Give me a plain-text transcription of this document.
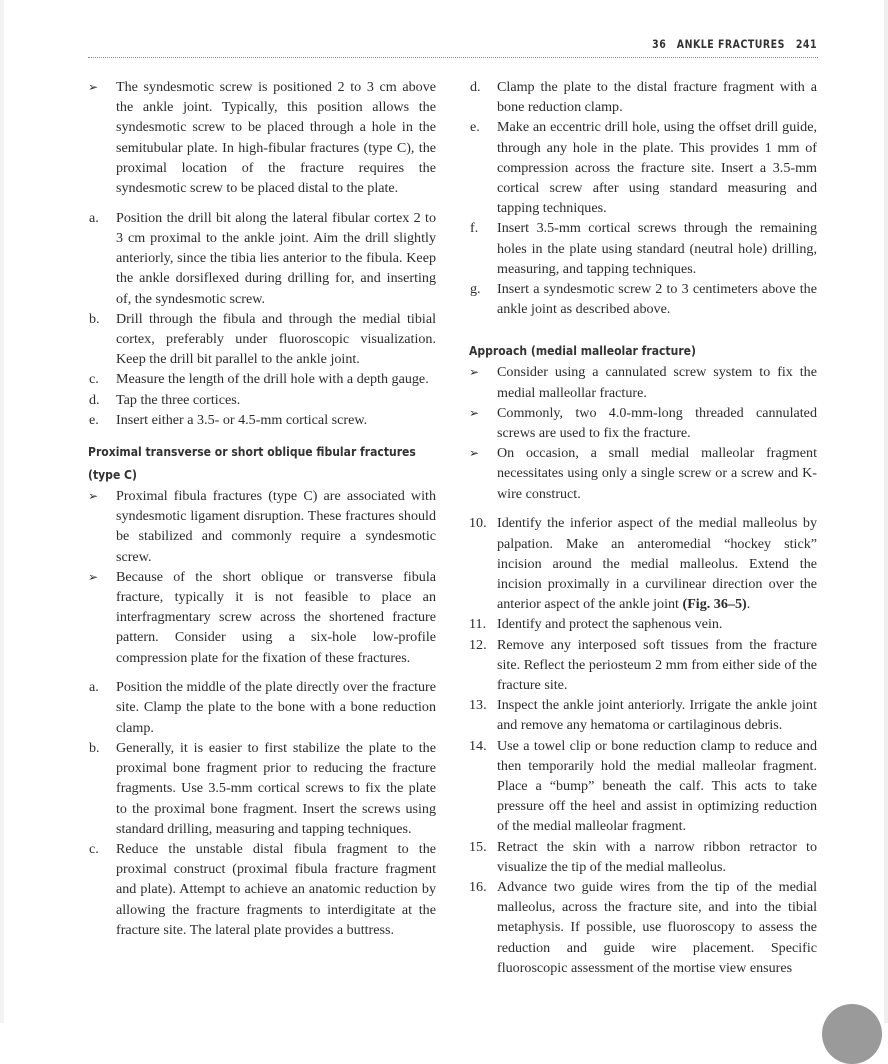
36 ANKLE FRACTURES 241
➢ The syndesmotic screw is positioned 2 to 3 cm above the ankle joint. Typically, this position allows the syndesmotic screw to be placed through a hole in the semitubular plate. In high-fibular fractures (type C), the proximal location of the fracture requires the syndesmotic screw to be placed distal to the plate.
a. Position the drill bit along the lateral fibular cortex 2 to 3 cm proximal to the ankle joint. Aim the drill slightly anteriorly, since the tibia lies anterior to the fibula. Keep the ankle dorsiflexed during drilling for, and inserting of, the syndesmotic screw.
b. Drill through the fibula and through the medial tibial cortex, preferably under fluoroscopic visualization. Keep the drill bit parallel to the ankle joint.
c. Measure the length of the drill hole with a depth gauge.
d. Tap the three cortices.
e. Insert either a 3.5- or 4.5-mm cortical screw.
Proximal transverse or short oblique fibular fractures
(type C)
➢ Proximal fibula fractures (type C) are associated with syndesmotic ligament disruption. These fractures should be stabilized and commonly require a syndesmotic screw.
➢ Because of the short oblique or transverse fibula fracture, typically it is not feasible to place an interfragmentary screw across the shortened fracture pattern. Consider using a six-hole low-profile compression plate for the fixation of these fractures.
a. Position the middle of the plate directly over the fracture site. Clamp the plate to the bone with a bone reduction clamp.
b. Generally, it is easier to first stabilize the plate to the proximal bone fragment prior to reducing the fracture fragments. Use 3.5-mm cortical screws to fix the plate to the proximal bone fragment. Insert the screws using standard drilling, measuring and tapping techniques.
c. Reduce the unstable distal fibula fragment to the proximal construct (proximal fibula fracture fragment and plate). Attempt to achieve an anatomic reduction by allowing the fracture fragments to interdigitate at the fracture site. The lateral plate provides a buttress.
d. Clamp the plate to the distal fracture fragment with a bone reduction clamp.
e. Make an eccentric drill hole, using the offset drill guide, through any hole in the plate. This provides 1 mm of compression across the fracture site. Insert a 3.5-mm cortical screw after using standard measuring and tapping techniques.
f. Insert 3.5-mm cortical screws through the remaining holes in the plate using standard (neutral hole) drilling, measuring, and tapping techniques.
g. Insert a syndesmotic screw 2 to 3 centimeters above the ankle joint as described above.
Approach (medial malleolar fracture)
➢ Consider using a cannulated screw system to fix the medial malleollar fracture.
➢ Commonly, two 4.0-mm-long threaded cannulated screws are used to fix the fracture.
➢ On occasion, a small medial malleolar fragment necessitates using only a single screw or a screw and K-wire construct.
10. Identify the inferior aspect of the medial malleolus by palpation. Make an anteromedial “hockey stick” incision around the medial malleolus. Extend the incision proximally in a curvilinear direction over the anterior aspect of the ankle joint (Fig. 36–5).
11. Identify and protect the saphenous vein.
12. Remove any interposed soft tissues from the fracture site. Reflect the periosteum 2 mm from either side of the fracture site.
13. Inspect the ankle joint anteriorly. Irrigate the ankle joint and remove any hematoma or cartilaginous debris.
14. Use a towel clip or bone reduction clamp to reduce and then temporarily hold the medial malleolar fragment. Place a “bump” beneath the calf. This acts to take pressure off the heel and assist in optimizing reduction of the medial malleolar fragment.
15. Retract the skin with a narrow ribbon retractor to visualize the tip of the medial malleolus.
16. Advance two guide wires from the tip of the medial malleolus, across the fracture site, and into the tibial metaphysis. If possible, use fluoroscopy to assess the reduction and guide wire placement. Specific fluoroscopic assessment of the mortise view ensures
